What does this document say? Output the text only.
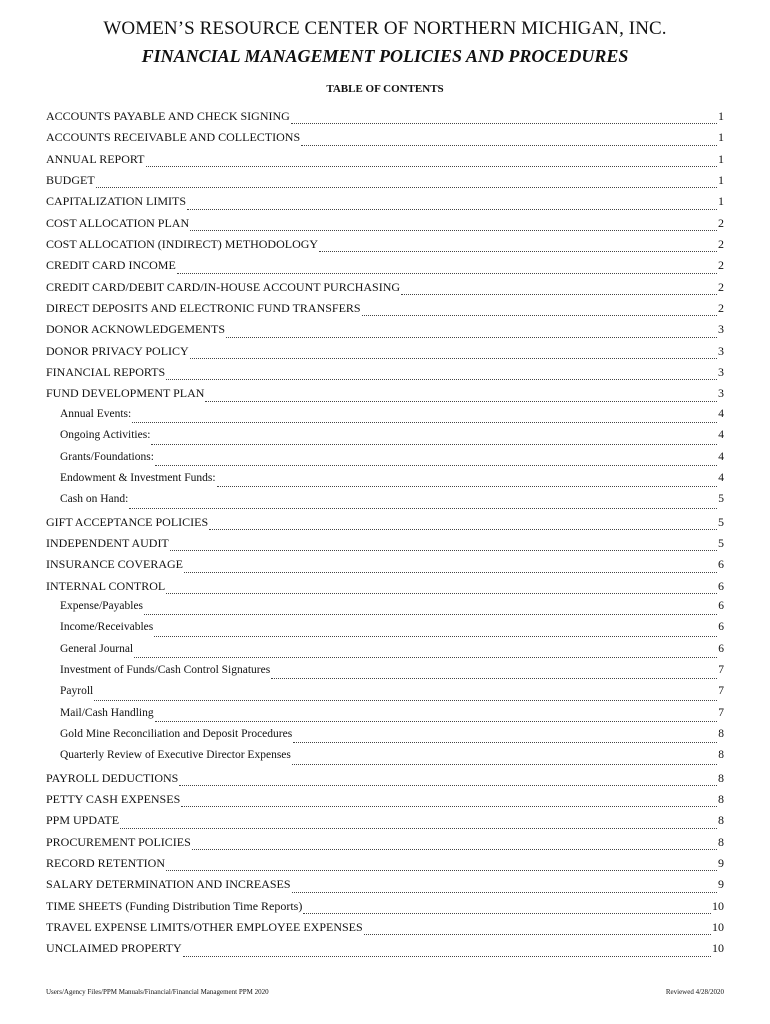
WOMEN’S RESOURCE CENTER OF NORTHERN MICHIGAN, INC.
FINANCIAL MANAGEMENT POLICIES AND PROCEDURES
TABLE OF CONTENTS
ACCOUNTS PAYABLE AND CHECK SIGNING	1
ACCOUNTS RECEIVABLE AND COLLECTIONS	1
ANNUAL REPORT	1
BUDGET	1
CAPITALIZATION LIMITS	1
COST ALLOCATION PLAN	2
COST ALLOCATION (INDIRECT) METHODOLOGY	2
CREDIT CARD INCOME	2
CREDIT CARD/DEBIT CARD/IN-HOUSE ACCOUNT PURCHASING	2
DIRECT DEPOSITS AND ELECTRONIC FUND TRANSFERS	2
DONOR ACKNOWLEDGEMENTS	3
DONOR PRIVACY POLICY	3
FINANCIAL REPORTS	3
FUND DEVELOPMENT PLAN	3
Annual Events:	4
Ongoing Activities:	4
Grants/Foundations:	4
Endowment & Investment Funds:	4
Cash on Hand:	5
GIFT ACCEPTANCE POLICIES	5
INDEPENDENT AUDIT	5
INSURANCE COVERAGE	6
INTERNAL CONTROL	6
Expense/Payables	6
Income/Receivables	6
General Journal	6
Investment of Funds/Cash Control Signatures	7
Payroll	7
Mail/Cash Handling	7
Gold Mine Reconciliation and Deposit Procedures	8
Quarterly Review of Executive Director Expenses	8
PAYROLL DEDUCTIONS	8
PETTY CASH EXPENSES	8
PPM UPDATE	8
PROCUREMENT POLICIES	8
RECORD RETENTION	9
SALARY DETERMINATION AND INCREASES	9
TIME SHEETS (Funding Distribution Time Reports)	10
TRAVEL EXPENSE LIMITS/OTHER EMPLOYEE EXPENSES	10
UNCLAIMED PROPERTY	10
Users/Agency Files/PPM Manuals/Financial/Financial Management PPM 2020	Reviewed 4/28/2020
